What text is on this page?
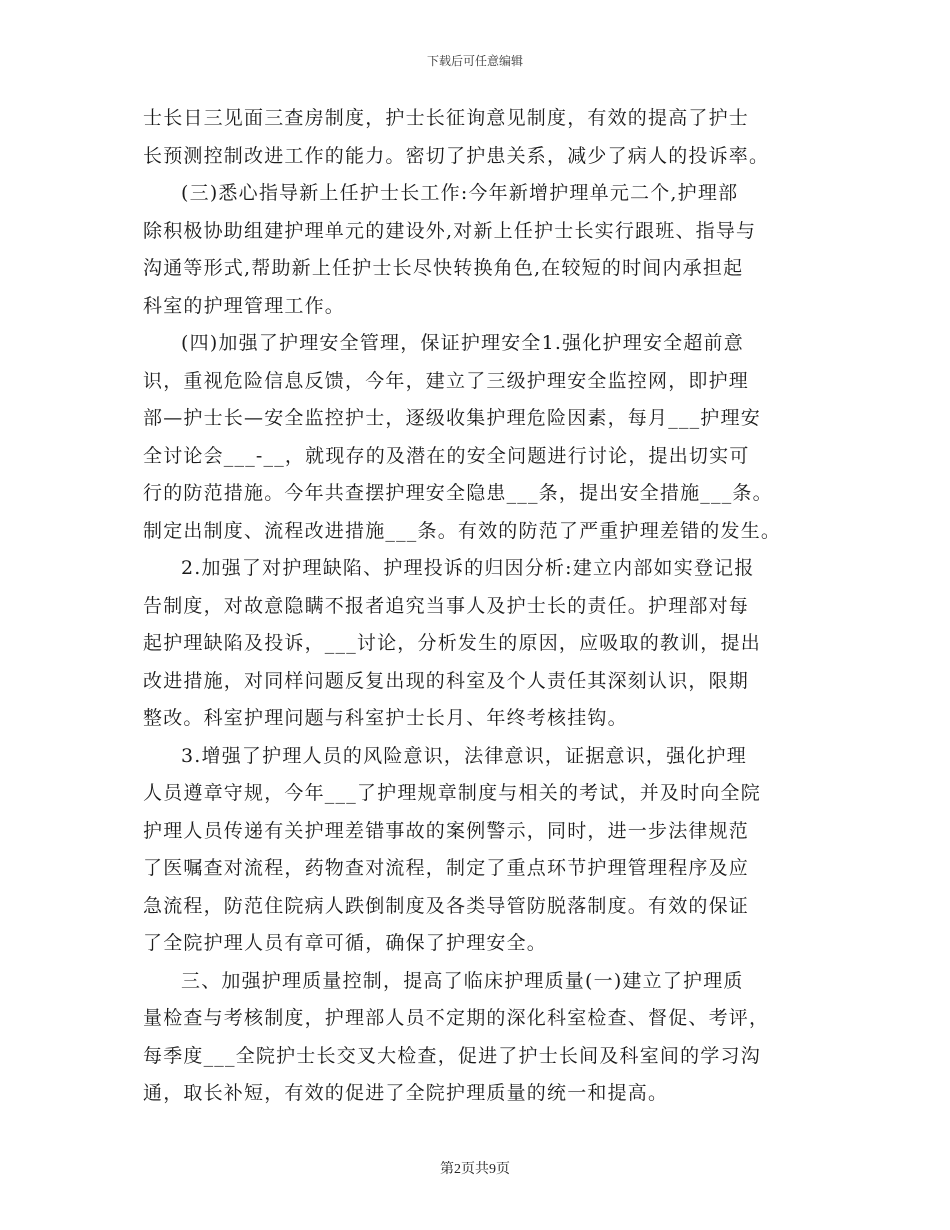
下载后可任意编辑
士长日三见面三查房制度，护士长征询意见制度，有效的提高了护士
长预测控制改进工作的能力。密切了护患关系，减少了病人的投诉率。
(三)悉心指导新上任护士长工作:今年新增护理单元二个,护理部
除积极协助组建护理单元的建设外,对新上任护士长实行跟班、指导与
沟通等形式,帮助新上任护士长尽快转换角色,在较短的时间内承担起
科室的护理管理工作。
(四)加强了护理安全管理，保证护理安全1.强化护理安全超前意
识，重视危险信息反馈，今年，建立了三级护理安全监控网，即护理
部—护士长—安全监控护士，逐级收集护理危险因素，每月___护理安
全讨论会___-__，就现存的及潜在的安全问题进行讨论，提出切实可
行的防范措施。今年共查摆护理安全隐患___条，提出安全措施___条。
制定出制度、流程改进措施___条。有效的防范了严重护理差错的发生。
2.加强了对护理缺陷、护理投诉的归因分析:建立内部如实登记报
告制度，对故意隐瞒不报者追究当事人及护士长的责任。护理部对每
起护理缺陷及投诉，___讨论，分析发生的原因，应吸取的教训，提出
改进措施，对同样问题反复出现的科室及个人责任其深刻认识，限期
整改。科室护理问题与科室护士长月、年终考核挂钩。
3.增强了护理人员的风险意识，法律意识，证据意识，强化护理
人员遵章守规，今年___了护理规章制度与相关的考试，并及时向全院
护理人员传递有关护理差错事故的案例警示，同时，进一步法律规范
了医嘱查对流程，药物查对流程，制定了重点环节护理管理程序及应
急流程，防范住院病人跌倒制度及各类导管防脱落制度。有效的保证
了全院护理人员有章可循，确保了护理安全。
三、加强护理质量控制，提高了临床护理质量(一)建立了护理质
量检查与考核制度，护理部人员不定期的深化科室检查、督促、考评，
每季度___全院护士长交叉大检查，促进了护士长间及科室间的学习沟
通，取长补短，有效的促进了全院护理质量的统一和提高。
第2页共9页
